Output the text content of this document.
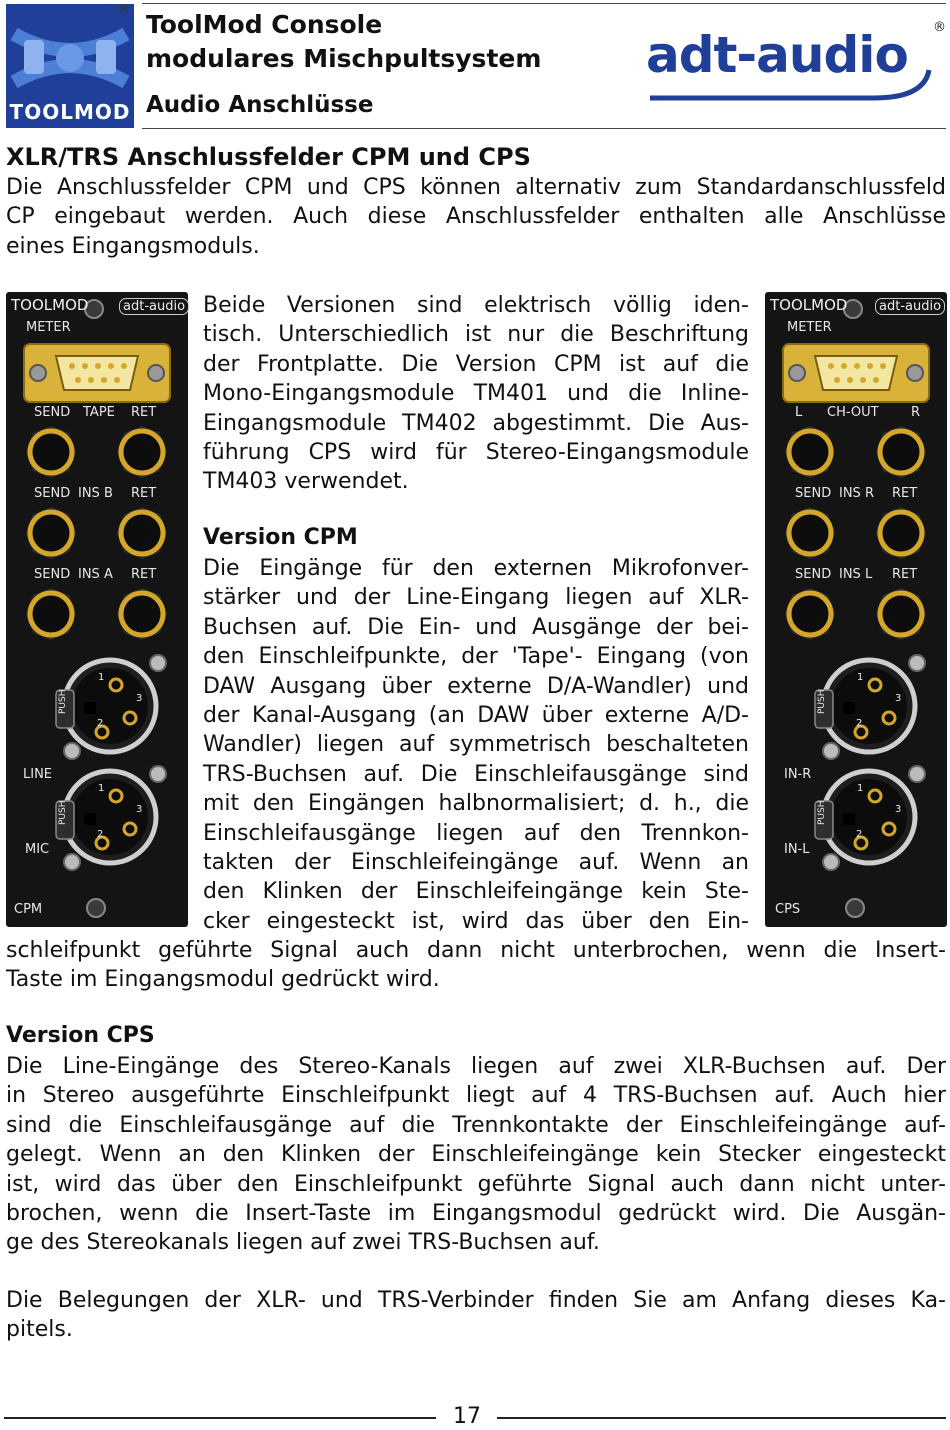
TOOLMOD
®
ToolMod Console
modulares Mischpultsystem
Audio Anschlüsse
adt-audio ®
XLR/TRS Anschlussfelder CPM und CPS
Die Anschlussfelder CPM und CPS können alternativ zum Standardanschlussfeld
CP eingebaut werden. Auch diese Anschlussfelder enthalten alle Anschlüsse
eines Eingangsmoduls.
TOOLMOD	adt-audio
METER
SEND TAPE RET
SEND INS B RET
SEND INS A RET
PUSH
PUSH
1
2
3
1
2
3
LINE
MIC
CPM
TOOLMOD	adt-audio
METER
L CH-OUT R
SEND INS R RET
SEND INS L RET
PUSH
PUSH
1
2
3
1
2
3
IN-R
IN-L
CPS
Beide Versionen sind elektrisch völlig iden-
tisch. Unterschiedlich ist nur die Beschriftung
der Frontplatte. Die Version CPM ist auf die
Mono-Eingangsmodule TM401 und die Inline-
Eingangsmodule TM402 abgestimmt. Die Aus-
führung CPS wird für Stereo-Eingangsmodule
TM403 verwendet.
Version CPM
Die Eingänge für den externen Mikrofonver-
stärker und der Line-Eingang liegen auf XLR-
Buchsen auf. Die Ein- und Ausgänge der bei-
den Einschleifpunkte, der 'Tape'- Eingang (von
DAW Ausgang über externe D/A-Wandler) und
der Kanal-Ausgang (an DAW über externe A/D-
Wandler) liegen auf symmetrisch beschalteten
TRS-Buchsen auf. Die Einschleifausgänge sind
mit den Eingängen halbnormalisiert; d. h., die
Einschleifausgänge liegen auf den Trennkon-
takten der Einschleifeingänge auf. Wenn an
den Klinken der Einschleifeingänge kein Ste-
cker eingesteckt ist, wird das über den Ein-
schleifpunkt geführte Signal auch dann nicht unterbrochen, wenn die Insert-
Taste im Eingangsmodul gedrückt wird.
Version CPS
Die Line-Eingänge des Stereo-Kanals liegen auf zwei XLR-Buchsen auf. Der
in Stereo ausgeführte Einschleifpunkt liegt auf 4 TRS-Buchsen auf. Auch hier
sind die Einschleifausgänge auf die Trennkontakte der Einschleifeingänge auf-
gelegt. Wenn an den Klinken der Einschleifeingänge kein Stecker eingesteckt
ist, wird das über den Einschleifpunkt geführte Signal auch dann nicht unter-
brochen, wenn die Insert-Taste im Eingangsmodul gedrückt wird. Die Ausgän-
ge des Stereokanals liegen auf zwei TRS-Buchsen auf.
Die Belegungen der XLR- und TRS-Verbinder finden Sie am Anfang dieses Ka-
pitels.
17
